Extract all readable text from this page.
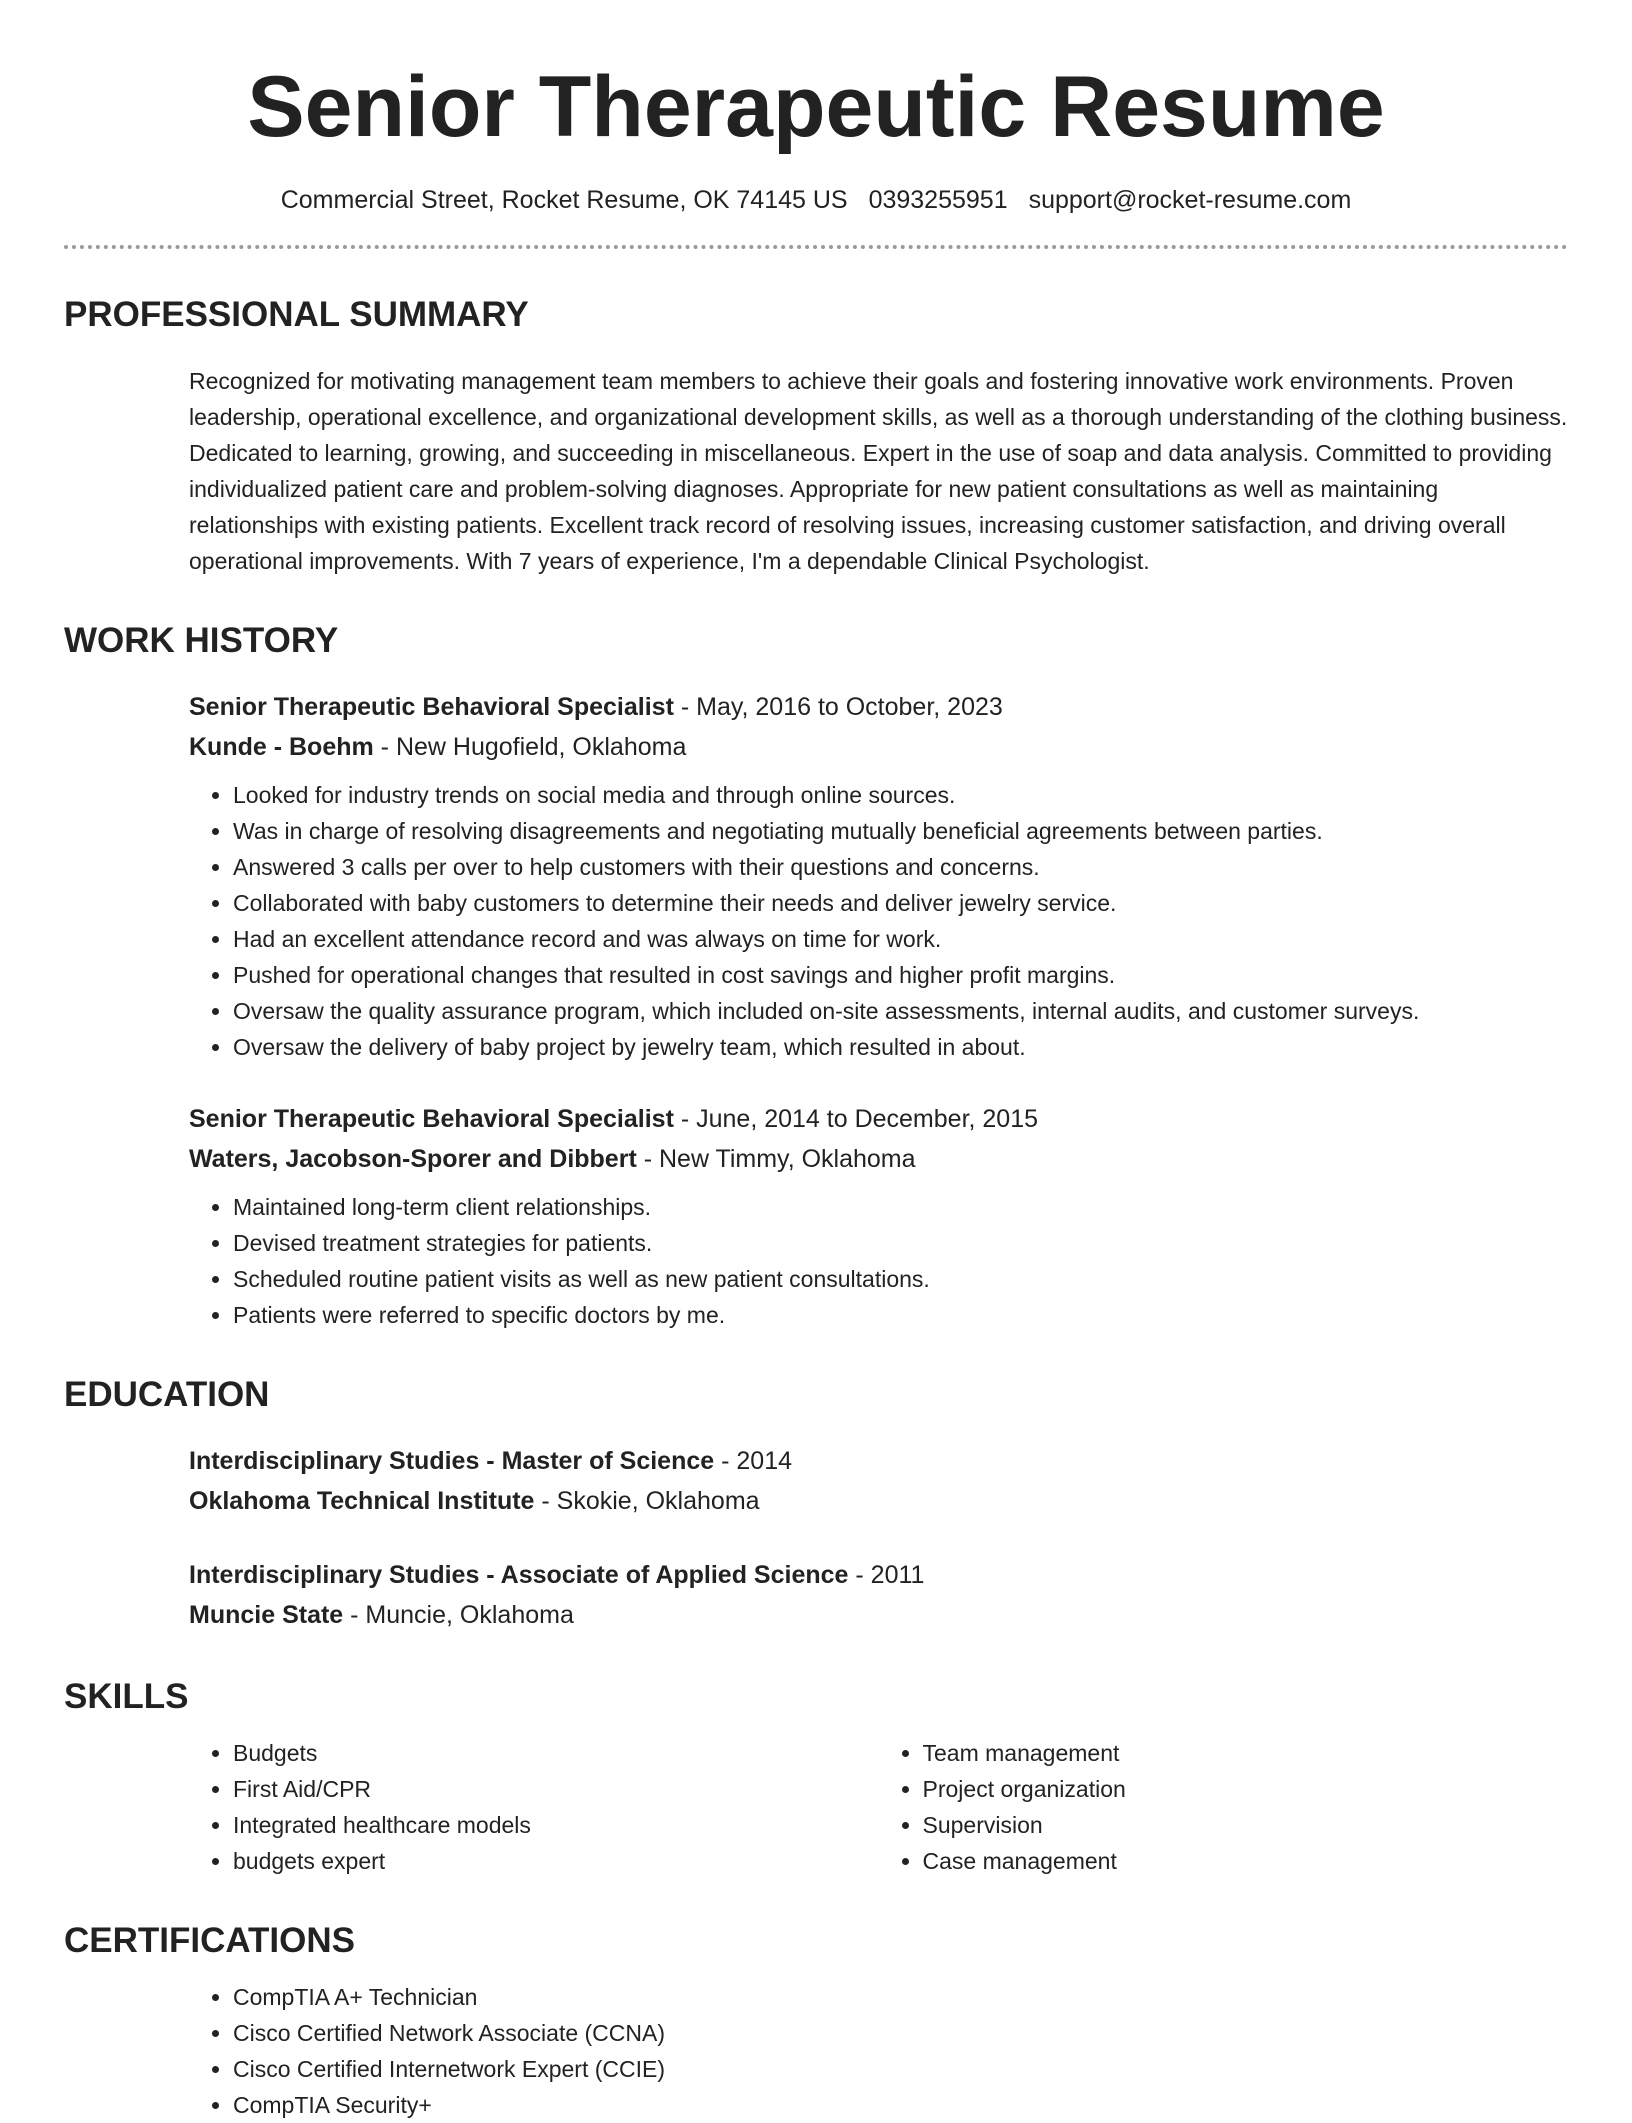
Senior Therapeutic Resume
Commercial Street, Rocket Resume, OK 74145 US 0393255951 support@rocket-resume.com
PROFESSIONAL SUMMARY
Recognized for motivating management team members to achieve their goals and fostering innovative work environments. Proven leadership, operational excellence, and organizational development skills, as well as a thorough understanding of the clothing business. Dedicated to learning, growing, and succeeding in miscellaneous. Expert in the use of soap and data analysis. Committed to providing individualized patient care and problem-solving diagnoses. Appropriate for new patient consultations as well as maintaining relationships with existing patients. Excellent track record of resolving issues, increasing customer satisfaction, and driving overall operational improvements. With 7 years of experience, I'm a dependable Clinical Psychologist.
WORK HISTORY
Senior Therapeutic Behavioral Specialist - May, 2016 to October, 2023
Kunde - Boehm - New Hugofield, Oklahoma
• Looked for industry trends on social media and through online sources.
• Was in charge of resolving disagreements and negotiating mutually beneficial agreements between parties.
• Answered 3 calls per over to help customers with their questions and concerns.
• Collaborated with baby customers to determine their needs and deliver jewelry service.
• Had an excellent attendance record and was always on time for work.
• Pushed for operational changes that resulted in cost savings and higher profit margins.
• Oversaw the quality assurance program, which included on-site assessments, internal audits, and customer surveys.
• Oversaw the delivery of baby project by jewelry team, which resulted in about.
Senior Therapeutic Behavioral Specialist - June, 2014 to December, 2015
Waters, Jacobson-Sporer and Dibbert - New Timmy, Oklahoma
• Maintained long-term client relationships.
• Devised treatment strategies for patients.
• Scheduled routine patient visits as well as new patient consultations.
• Patients were referred to specific doctors by me.
EDUCATION
Interdisciplinary Studies - Master of Science - 2014
Oklahoma Technical Institute - Skokie, Oklahoma
Interdisciplinary Studies - Associate of Applied Science - 2011
Muncie State - Muncie, Oklahoma
SKILLS
• Budgets
• First Aid/CPR
• Integrated healthcare models
• budgets expert
• Team management
• Project organization
• Supervision
• Case management
CERTIFICATIONS
• CompTIA A+ Technician
• Cisco Certified Network Associate (CCNA)
• Cisco Certified Internetwork Expert (CCIE)
• CompTIA Security+
